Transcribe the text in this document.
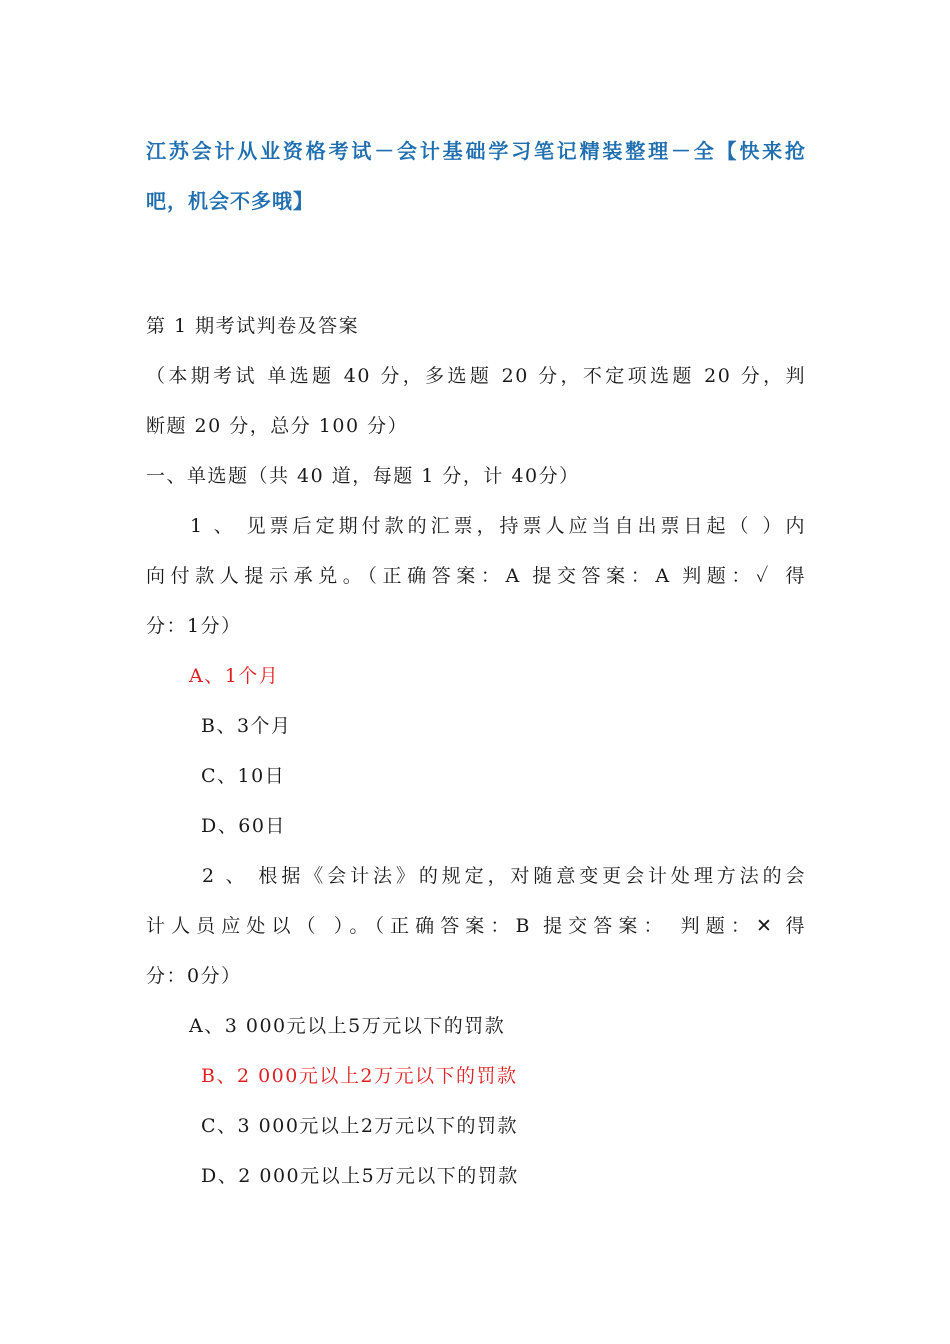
江苏会计从业资格考试－会计基础学习笔记精装整理－全【快来抢
吧，机会不多哦】
第 1 期考试判卷及答案
（本期考试 单选题 40 分，多选题 20 分，不定项选题 20 分，判
断题 20 分，总分 100 分）
一、单选题（共 40 道，每题 1 分，计 40分）
1 、 见票后定期付款的汇票，持票人应当自出票日起（ ）内
向付款人提示承兑。（正确答案：A 提交答案：A 判题：✓ 得
分：1分）
A、1个月
B、3个月
C、10日
D、60日
2 、 根据《会计法》的规定，对随意变更会计处理方法的会
计人员应处以（ ）。（正确答案：B 提交答案： 判题：✕ 得
分：0分）
A、3 000元以上5万元以下的罚款
B、2 000元以上2万元以下的罚款
C、3 000元以上2万元以下的罚款
D、2 000元以上5万元以下的罚款
